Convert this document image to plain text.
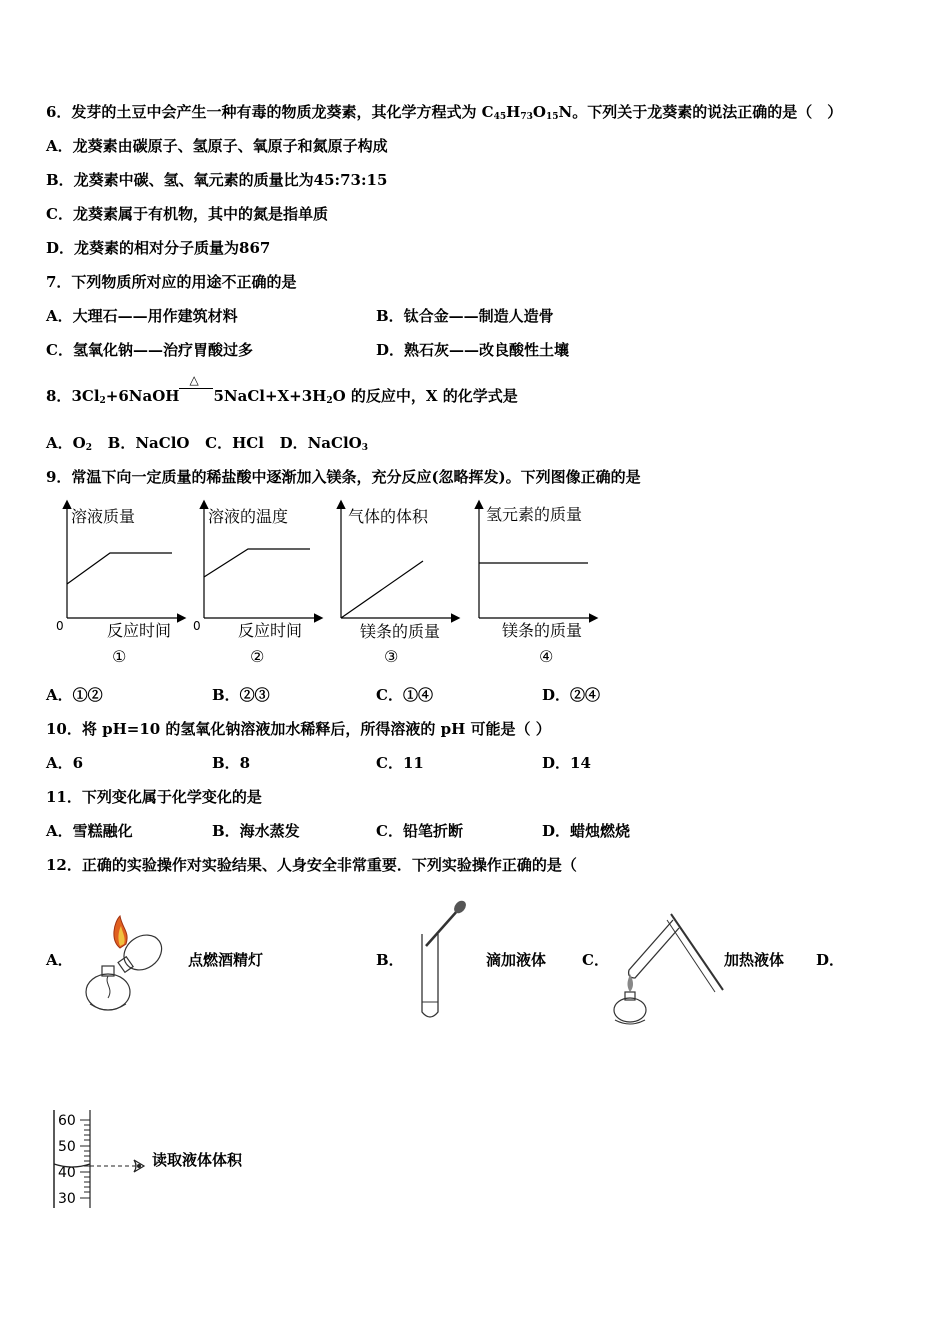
6．发芽的土豆中会产生一种有毒的物质龙葵素，其化学方程式为 $C_{45}H_{73}O_{15}N$。下列关于龙葵素的说法正确的是（　）
A．龙葵素由碳原子、氢原子、氧原子和氮原子构成
B．龙葵素中碳、氢、氧元素的质量比为45:73:15
C．龙葵素属于有机物，其中的氮是指单质
D．龙葵素的相对分子质量为867
7．下列物质所对应的用途不正确的是
A．大理石——用作建筑材料	B．钛合金——制造人造骨
C．氢氧化钠——治疗胃酸过多	D．熟石灰——改良酸性土壤
8．$3Cl_2+6NaOH$
△
$5NaCl+X+3H_2O$ 的反应中，X 的化学式是
A．$O_2$ B．NaClO C．HCl D．NaClO$_3$
9．常温下向一定质量的稀盐酸中逐渐加入镁条，充分反应(忽略挥发)。下列图像正确的是
溶液质量
0	反应时间
①
溶液的温度
0 反应时间
②
气体的体积
镁条的质量
③
氢元素的质量
镁条的质量
④
A．①②	B．②③	C．①④	D．②④
10．将 pH=10 的氢氧化钠溶液加水稀释后，所得溶液的 pH 可能是（ ）
A．6	B．8	C．11	D．14
11．下列变化属于化学变化的是
A．雪糕融化	B．海水蒸发	C．铅笔折断	D．蜡烛燃烧
12．正确的实验操作对实验结果、人身安全非常重要．下列实验操作正确的是（
A．	点燃酒精灯	B．	滴加液体 C．	加热液体 D．
60
50
40
30
读取液体体积
